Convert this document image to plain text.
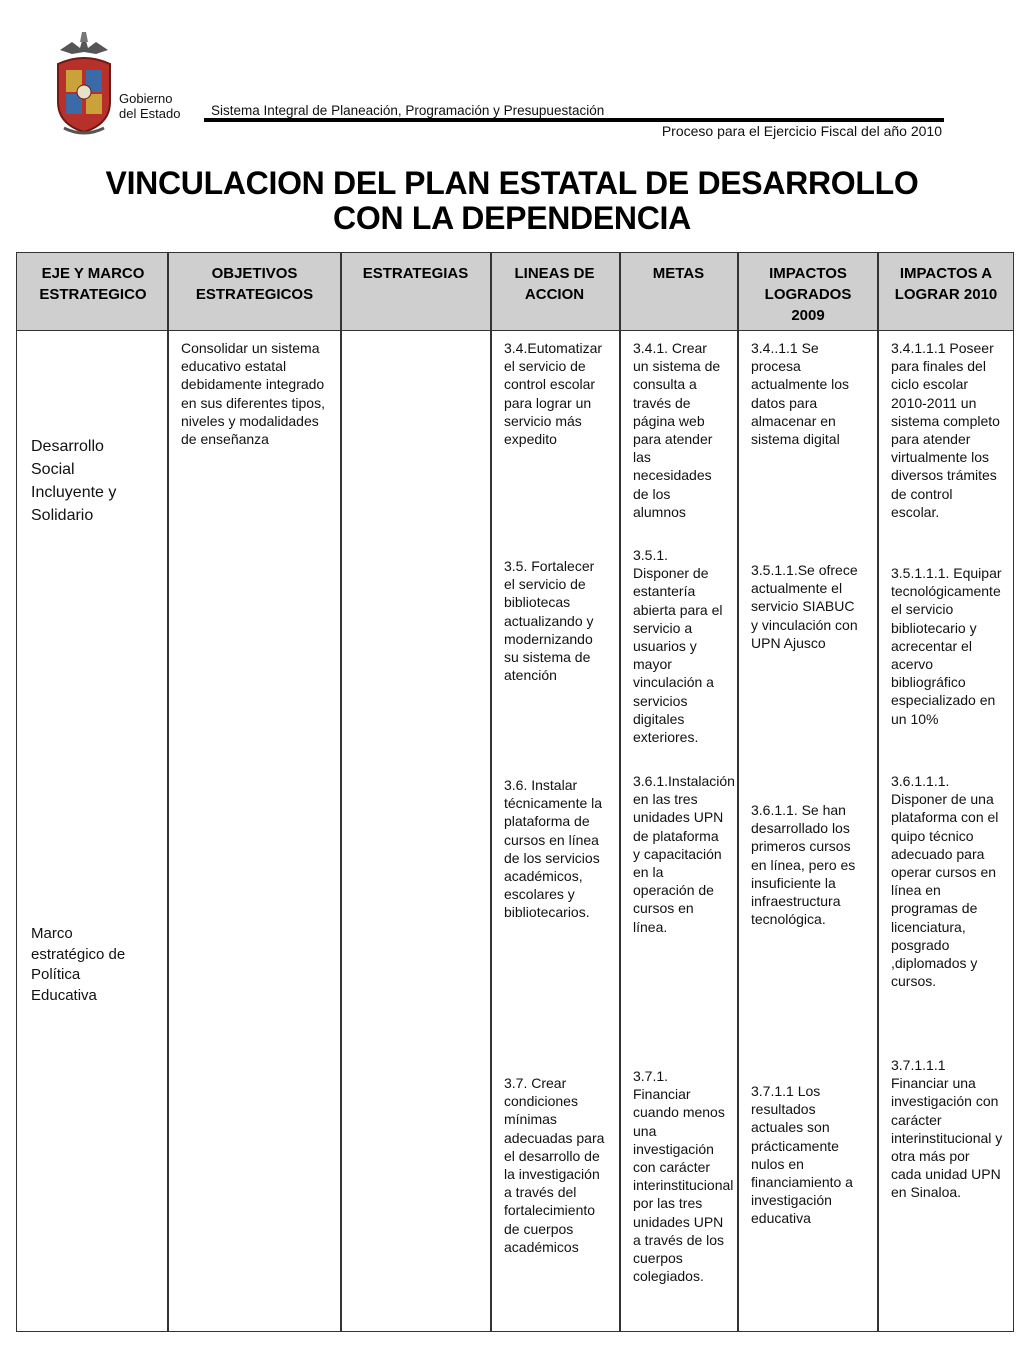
Gobierno
del Estado Sistema Integral de Planeación, Programación y Presupuestación
Proceso para el Ejercicio Fiscal del año 2010
VINCULACION DEL PLAN ESTATAL DE DESARROLLO
CON LA DEPENDENCIA
EJE Y MARCO ESTRATEGICO
OBJETIVOS ESTRATEGICOS
ESTRATEGIAS	LINEAS DE ACCION
METAS	IMPACTOS LOGRADOS 2009
IMPACTOS A LOGRAR 2010
Desarrollo Social Incluyente y Solidario
Marco estratégico de Política Educativa
Consolidar un sistema educativo estatal debidamente integrado en sus diferentes tipos, niveles y modalidades de enseñanza
3.4.Eutomatizar el servicio de control escolar para lograr un servicio más expedito
3.4.1. Crear un sistema de consulta a través de página web para atender las necesidades de los alumnos
3.4..1.1 Se procesa actualmente los datos para almacenar en sistema digital
3.4.1.1.1 Poseer para finales del ciclo escolar 2010-2011 un sistema completo para atender virtualmente los diversos trámites de control escolar.
3.5. Fortalecer el servicio de bibliotecas actualizando y modernizando su sistema de atención
3.5.1. Disponer de estantería abierta para el servicio a usuarios y mayor vinculación a servicios digitales exteriores.
3.5.1.1.Se ofrece actualmente el servicio SIABUC y vinculación con UPN Ajusco
3.5.1.1.1. Equipar tecnológicamente el servicio bibliotecario y acrecentar el acervo bibliográfico especializado en un 10%
3.6. Instalar técnicamente la plataforma de cursos en línea de los servicios académicos, escolares y bibliotecarios.
3.6.1.Instalación en las tres unidades UPN de plataforma y capacitación en la operación de cursos en línea.
3.6.1.1. Se han desarrollado los primeros cursos en línea, pero es insuficiente la infraestructura tecnológica.
3.6.1.1.1. Disponer de una plataforma con el quipo técnico adecuado para operar cursos en línea en programas de licenciatura, posgrado ,diplomados y cursos.
3.7. Crear condiciones mínimas adecuadas para el desarrollo de la investigación a través del fortalecimiento de cuerpos académicos
3.7.1. Financiar cuando menos una investigación con carácter interinstitucional por las tres unidades UPN a través de los cuerpos colegiados.
3.7.1.1 Los resultados actuales son prácticamente nulos en financiamiento a investigación educativa
3.7.1.1.1 Financiar una investigación con carácter interinstitucional y otra más por cada unidad UPN en Sinaloa.
